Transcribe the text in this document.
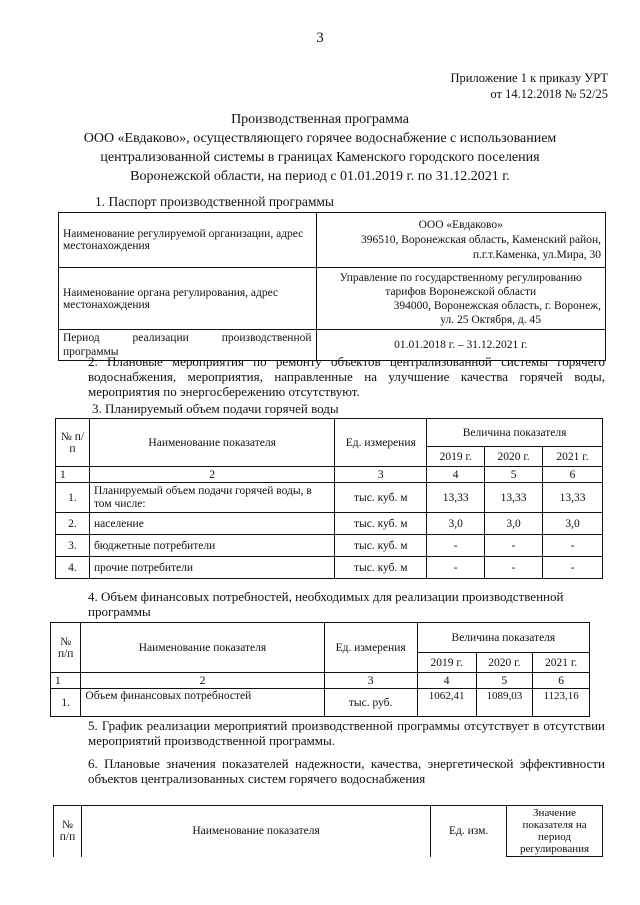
3
Приложение 1 к приказу УРТ
от 14.12.2018 № 52/25
Производственная программа
ООО «Евдаково», осуществляющего горячее водоснабжение с использованием
централизованной системы в границах Каменского городского поселения
Воронежской области, на период с 01.01.2019 г. по 31.12.2021 г.
1. Паспорт производственной программы
Наименование регулируемой организации, адрес местонахождения	ООО «Евдаково»
396510, Воронежская область, Каменский район,
п.г.т.Каменка, ул.Мира, 30

Наименование органа регулирования, адрес местонахождения	Управление по государственному регулированию
тарифов Воронежской области
394000, Воронежская область, г. Воронеж,
ул. 25 Октября, д. 45

Период реализации производственной
программы	01.01.2018 г. – 31.12.2021 г.
2. Плановые мероприятия по ремонту объектов централизованной системы горячего водоснабжения, мероприятия, направленные на улучшение качества горячей воды, мероприятия по энергосбережению отсутствуют.
3. Планируемый объем подачи горячей воды
№ п/п	Наименование показателя	Ед. измерения	Величина показателя		
			2019 г.	2020 г.	2021 г.
1	2	3	4	5	6
1.	Планируемый объем подачи горячей воды, в том числе:	тыс. куб. м	13,33	13,33	13,33
2.	население	тыс. куб. м	3,0	3,0	3,0
3.	бюджетные потребители	тыс. куб. м	-	-	-
4.	прочие потребители	тыс. куб. м	-	-	-
4. Объем финансовых потребностей, необходимых для реализации производственной программы
№ п/п	Наименование показателя	Ед. измерения	Величина показателя		
			2019 г.	2020 г.	2021 г.
1	2	3	4	5	6
1.	Объем финансовых потребностей	тыс. руб.	1062,41	1089,03	1123,16
5. График реализации мероприятий производственной программы отсутствует в отсутствии мероприятий производственной программы.
6. Плановые значения показателей надежности, качества, энергетической эффективности объектов централизованных систем горячего водоснабжения
№ п/п	Наименование показателя	Ед. изм.	Значение показателя на период регулирования
